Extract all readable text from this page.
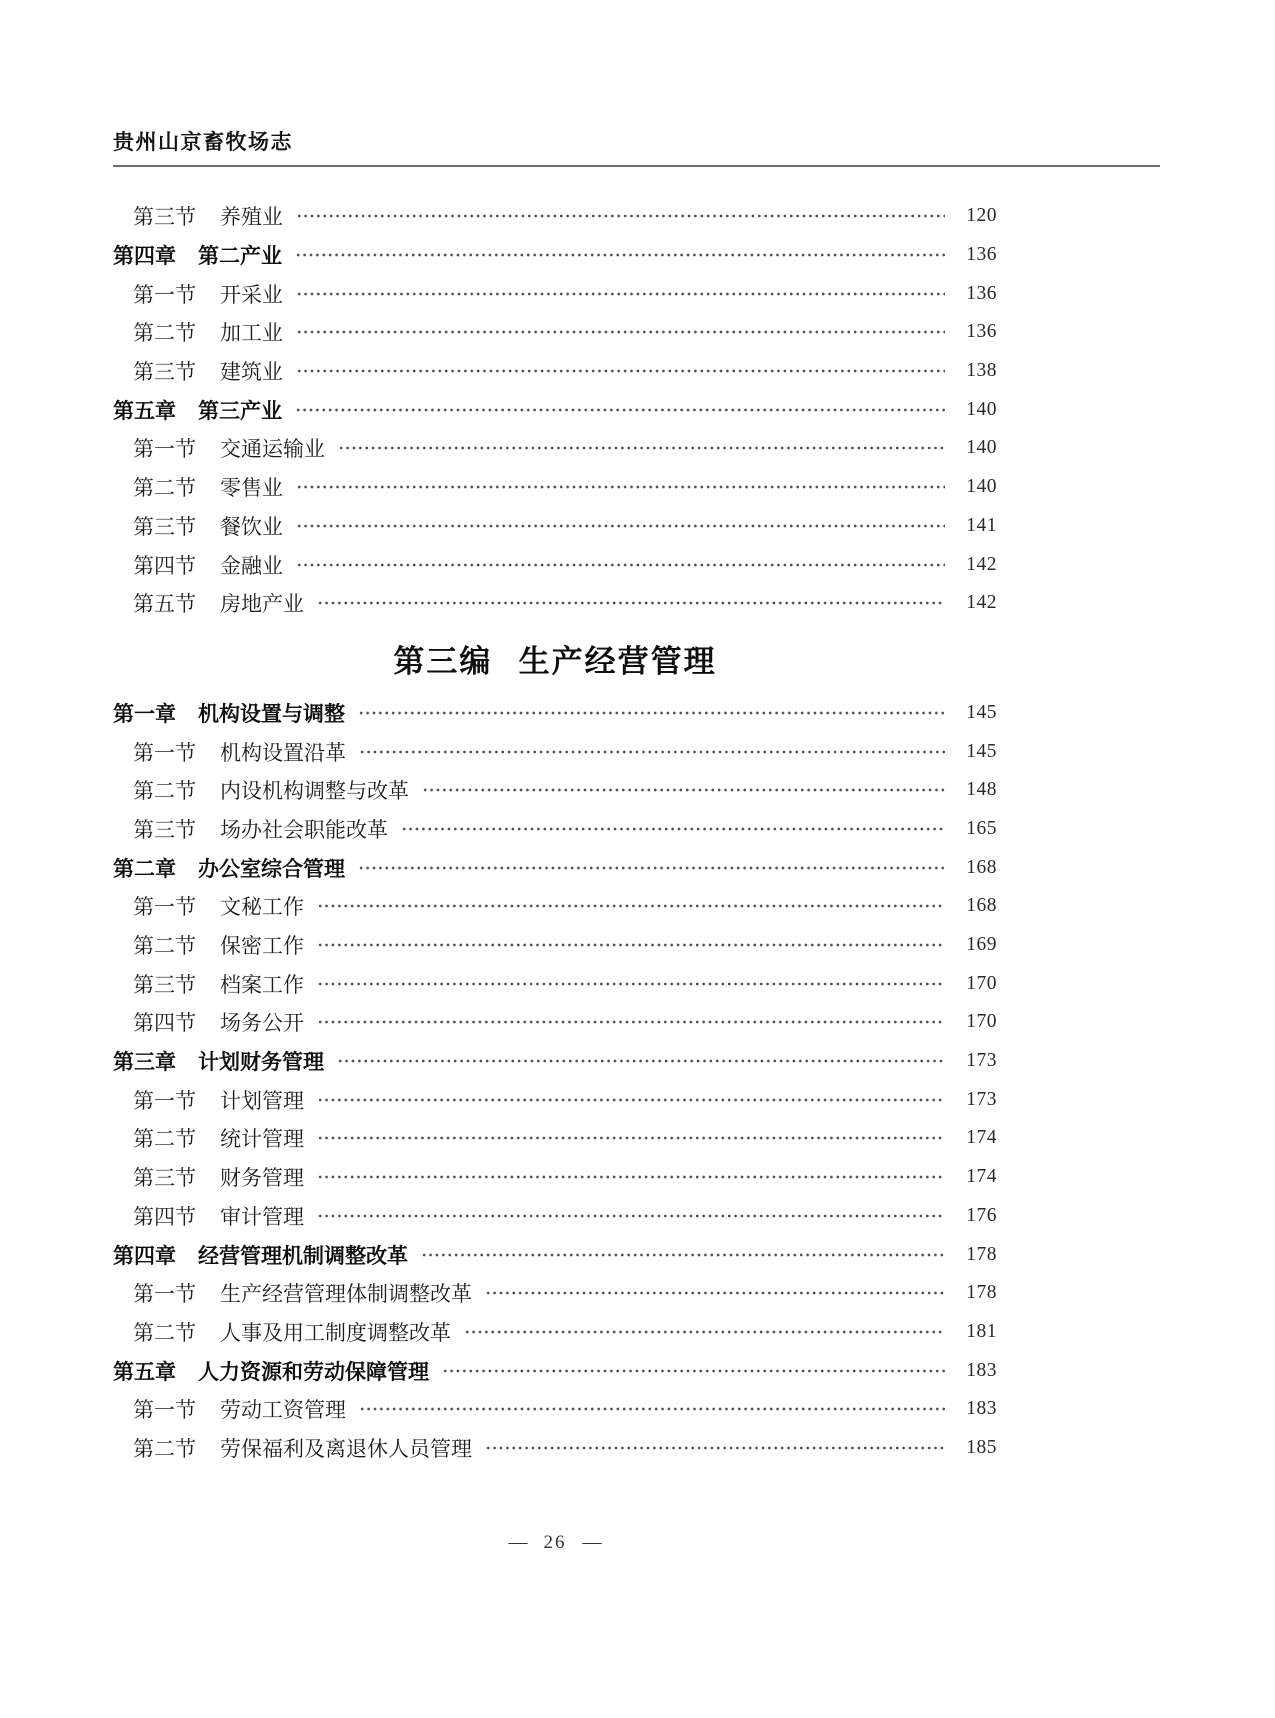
贵州山京畜牧场志
第三节 养殖业	120
第四章 第二产业	136
第一节 开采业	136
第二节 加工业	136
第三节 建筑业	138
第五章 第三产业	140
第一节 交通运输业	140
第二节 零售业	140
第三节 餐饮业	141
第四节 金融业	142
第五节 房地产业	142
第三编 生产经营管理
第一章 机构设置与调整	145
第一节 机构设置沿革	145
第二节 内设机构调整与改革	148
第三节 场办社会职能改革	165
第二章 办公室综合管理	168
第一节 文秘工作	168
第二节 保密工作	169
第三节 档案工作	170
第四节 场务公开	170
第三章 计划财务管理	173
第一节 计划管理	173
第二节 统计管理	174
第三节 财务管理	174
第四节 审计管理	176
第四章 经营管理机制调整改革	178
第一节 生产经营管理体制调整改革	178
第二节 人事及用工制度调整改革	181
第五章 人力资源和劳动保障管理	183
第一节 劳动工资管理	183
第二节 劳保福利及离退休人员管理	185
— 26 —
